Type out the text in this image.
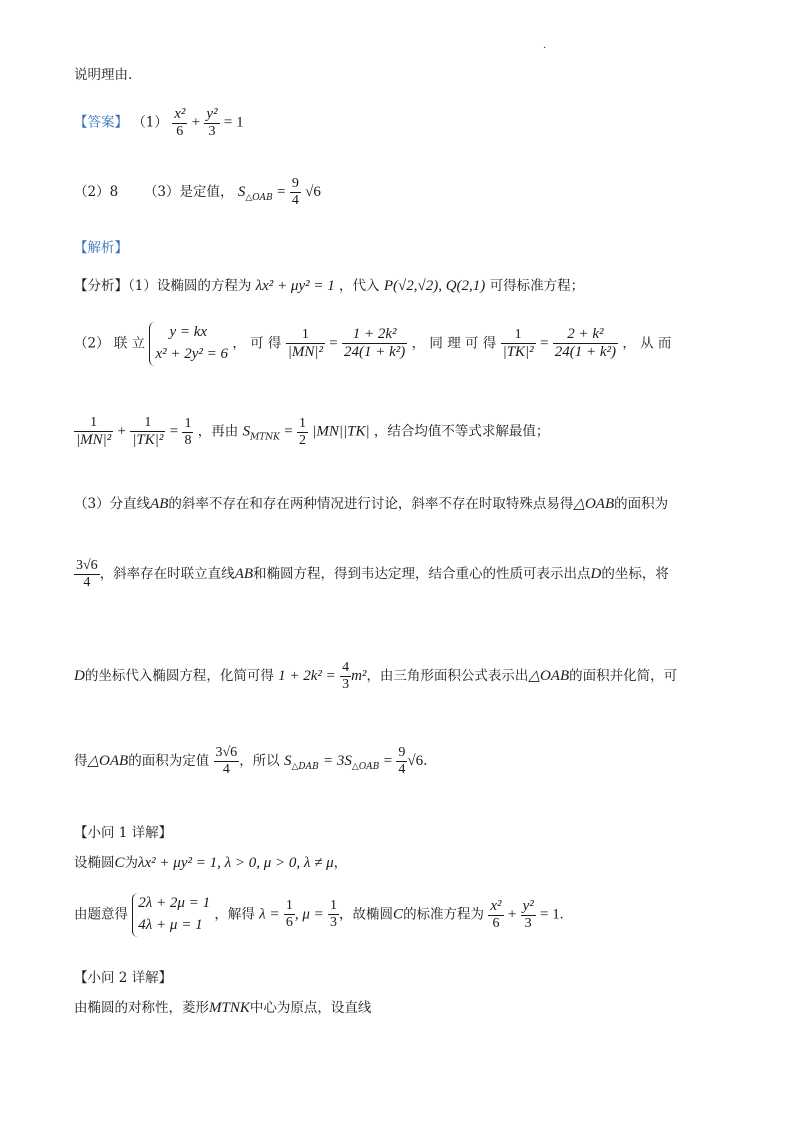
.
说明理由.
【答案】 $(1) \frac{\text{x²}}{6} + \frac{\text{y²}}{3} = 1$
（2）8 （3）是定值， $S_{\triangle OAB} = \frac{9}{4} √6$
【解析】
【分析】（1）设椭圆的方程为 λx² + μy² = 1 ，代入 P(√2,√2), Q(2,1) 可得标准方程；
（2） 联 立
y = kx
x² + 2y² = 6
， 可 得 $\frac{1}{\text{|MN|²}} = \frac{\text{1 + 2k²}}{\text{24(1 + k²)}}$ ， 同 理 可 得 $\frac{1}{\text{|TK|²}} = \frac{\text{2 + k²}}{\text{24(1 + k²)}}$ ， 从 而
$\frac{1}{\text{|MN|²}} + \frac{1}{\text{|TK|²}} = \frac{1}{8}$ ，再由 $S_{MTNK} = \frac{1}{2} |MN||TK|$ ，结合均值不等式求解最值；
（3）分直线AB的斜率不存在和存在两种情况进行讨论，斜率不存在时取特殊点易得△OAB的面积为
$\frac{3√6}{4}$ ，斜率存在时联立直线AB和椭圆方程，得到韦达定理，结合重心的性质可表示出点D的坐标，将
D的坐标代入椭圆方程，化简可得 $1 + 2k^2 = \frac{4}{3} m^2$，由三角形面积公式表示出△OAB的面积并化简，可
得△OAB的面积为定值 $\frac{3√6}{4}$ ，所以 $S_{\triangle DAB} = 3S_{\triangle OAB} = \frac{9}{4} √6$.
【小问 1 详解】
设椭圆C为λx² + μy² = 1, λ > 0, μ > 0, λ ≠ μ，
由题意得
2λ + 2μ = 1
4λ + μ = 1
，解得 $\lambda = \frac{1}{6}$ , $\mu = \frac{1}{3}$ ，故椭圆C的标准方程为 $\frac{\text{x²}}{6} + \frac{\text{y²}}{3} = 1$.
【小问 2 详解】
由椭圆的对称性，菱形MTNK中心为原点，设直线
